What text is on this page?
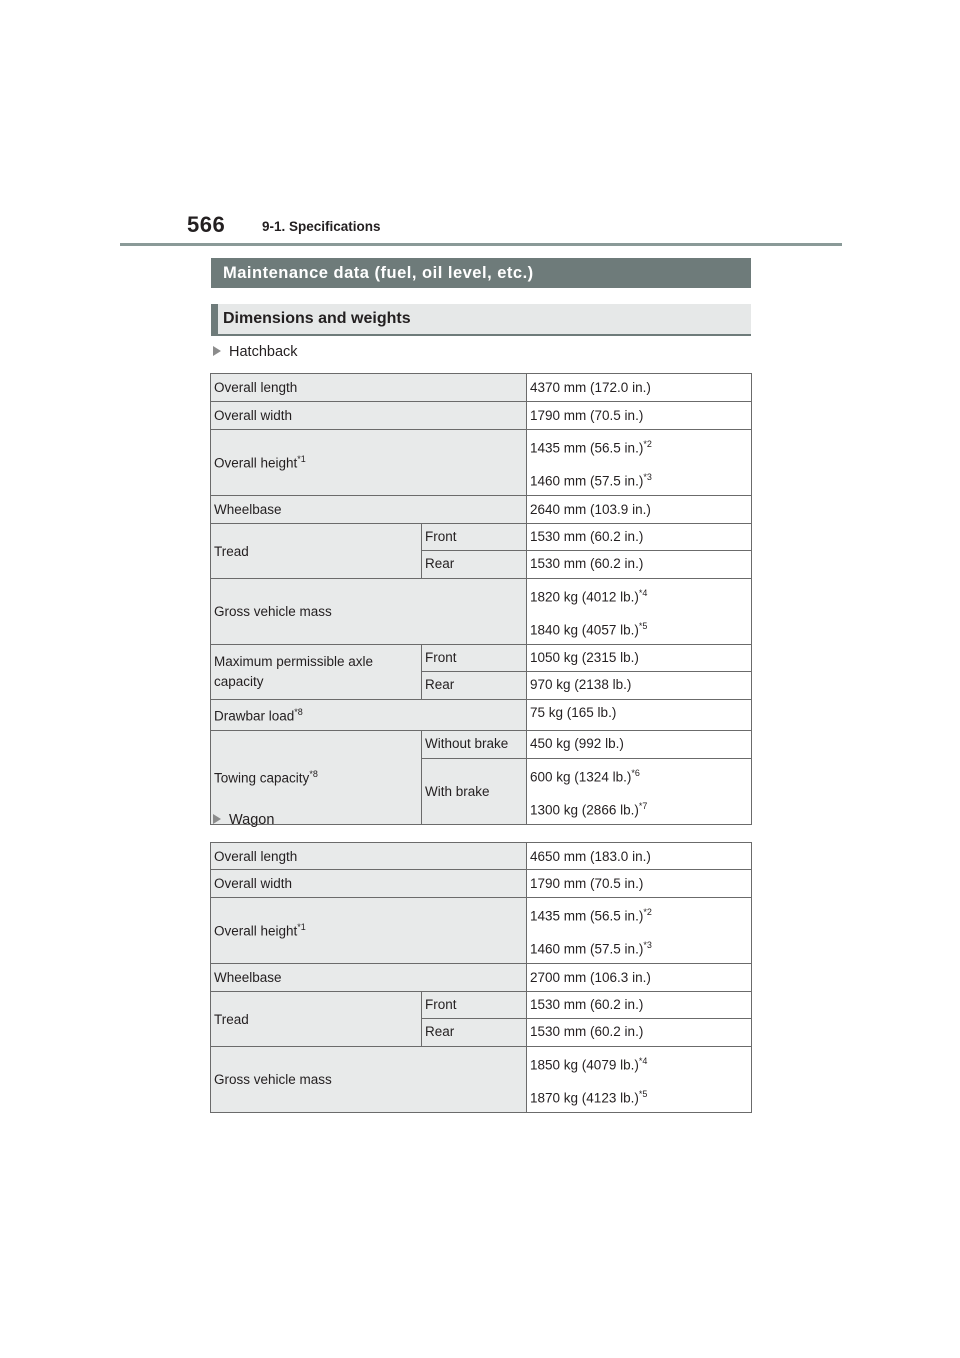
566	9-1. Specifications
Maintenance data (fuel, oil level, etc.)
Dimensions and weights
Hatchback
Overall length		4370 mm (172.0 in.)
Overall width		1790 mm (70.5 in.)
Overall height$^{*1}$		1435 mm (56.5 in.)$^{*2}$
1460 mm (57.5 in.)$^{*3}$

Wheelbase		2640 mm (103.9 in.)
Tread	Front	1530 mm (60.2 in.)
	Rear	1530 mm (60.2 in.)
Gross vehicle mass		1820 kg (4012 lb.)$^{*4}$
1840 kg (4057 lb.)$^{*5}$

Maximum permissible axle
capacity	Front	1050 kg (2315 lb.)
	Rear	970 kg (2138 lb.)
Drawbar load$^{*8}$		75 kg (165 lb.)
Towing capacity$^{*8}$	Without brake	450 kg (992 lb.)
	With brake	600 kg (1324 lb.)$^{*6}$
1300 kg (2866 lb.)$^{*7}$
Wagon
Overall length		4650 mm (183.0 in.)
Overall width		1790 mm (70.5 in.)
Overall height$^{*1}$		1435 mm (56.5 in.)$^{*2}$
1460 mm (57.5 in.)$^{*3}$

Wheelbase		2700 mm (106.3 in.)
Tread	Front	1530 mm (60.2 in.)
	Rear	1530 mm (60.2 in.)
Gross vehicle mass		1850 kg (4079 lb.)$^{*4}$
1870 kg (4123 lb.)$^{*5}$
